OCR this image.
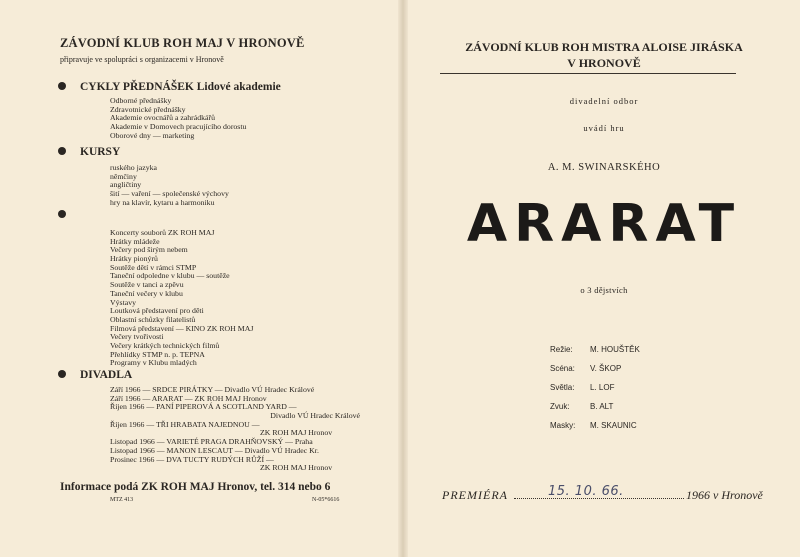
ZÁVODNÍ KLUB ROH MAJ V HRONOVĚ
připravuje ve spolupráci s organizacemi v Hronově
CYKLY PŘEDNÁŠEK Lidové akademie
Odborné přednášky
Zdravotnické přednášky
Akademie ovocnářů a zahrádkářů
Akademie v Domovech pracujícího dorostu
Oborové dny — marketing
KURSY
ruského jazyka
němčiny
angličtiny
šití — vaření — společenské výchovy
hry na klavír, kytaru a harmoniku
Koncerty souborů ZK ROH MAJ
Hrátky mládeže
Večery pod širým nebem
Hrátky pionýrů
Soutěže dětí v rámci STMP
Taneční odpoledne v klubu — soutěže
Soutěže v tanci a zpěvu
Taneční večery v klubu
Výstavy
Loutková představení pro děti
Oblastní schůzky filatelistů
Filmová představení — KINO ZK ROH MAJ
Večery tvořivosti
Večery krátkých technických filmů
Přehlídky STMP n. p. TEPNA
Programy v Klubu mladých
DIVADLA
Září 1966 — SRDCE PIRÁTKY — Divadlo VÚ Hradec Králové
Září 1966 — ARARAT — ZK ROH MAJ Hronov
Říjen 1966 — PANÍ PIPEROVÁ A SCOTLAND YARD —
Divadlo VÚ Hradec Králové
Říjen 1966 — TŘI HRABATA NAJEDNOU —
ZK ROH MAJ Hronov
Listopad 1966 — VARIETÉ PRAGA DRAHŇOVSKÝ — Praha
Listopad 1966 — MANON LESCAUT — Divadlo VÚ Hradec Kr.
Prosinec 1966 — DVA TUCTY RUDÝCH RŮŽÍ —
ZK ROH MAJ Hronov
Informace podá ZK ROH MAJ Hronov, tel. 314 nebo 6
MTZ 413	N-05*6616
ZÁVODNÍ KLUB ROH MISTRA ALOISE JIRÁSKA
V HRONOVĚ
divadelní odbor
uvádí hru
A. M. SWINARSKÉHO
ARARAT
o 3 dějstvích
Režie: M. HOUŠTĚK
Scéna: V. ŠKOP
Světla: L. LOF
Zvuk:	B. ALT
Masky: M. SKAUNIC
PREMIÉRA	15. 10. 66.	1966 v Hronově
